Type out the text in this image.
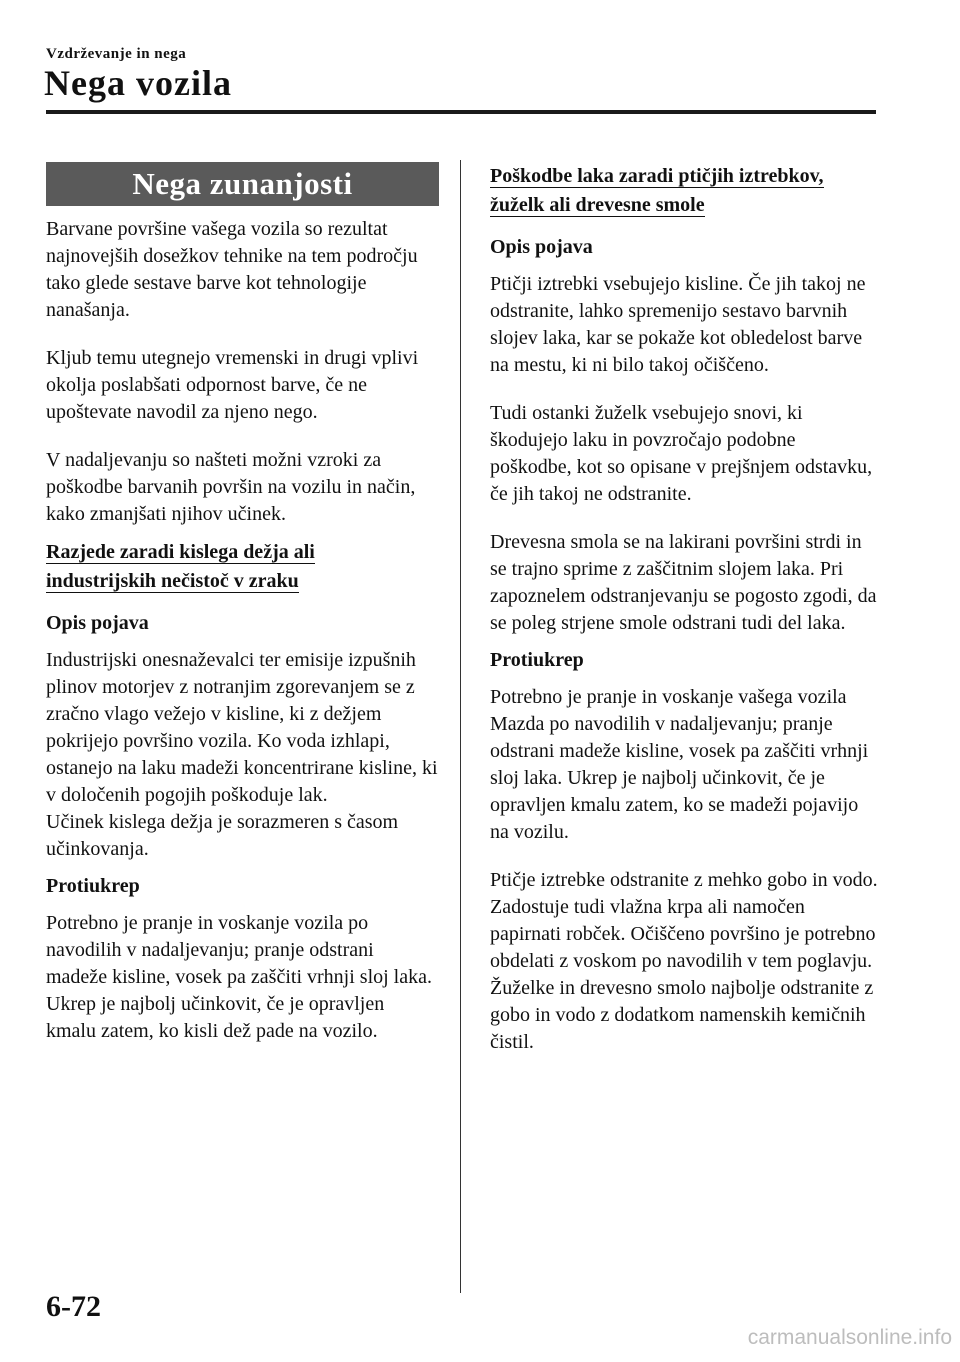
Vzdrževanje in nega
Nega vozila
Nega zunanjosti

Barvane površine vašega vozila so rezultat najnovejših dosežkov tehnike na tem področju tako glede sestave barve kot tehnologije nanašanja.

Kljub temu utegnejo vremenski in drugi vplivi okolja poslabšati odpornost barve, če ne upoštevate navodil za njeno nego.

V nadaljevanju so našteti možni vzroki za poškodbe barvanih površin na vozilu in način, kako zmanjšati njihov učinek.

Razjede zaradi kislega dežja ali
industrijskih nečistoč v zraku
Opis pojava

Industrijski onesnaževalci ter emisije izpušnih plinov motorjev z notranjim zgorevanjem se z zračno vlago vežejo v kisline, ki z dežjem pokrijejo površino vozila. Ko voda izhlapi, ostanejo na laku madeži koncentrirane kisline, ki v določenih pogojih poškoduje lak.

Učinek kislega dežja je sorazmeren s časom učinkovanja.

Protiukrep

Potrebno je pranje in voskanje vozila po navodilih v nadaljevanju; pranje odstrani madeže kisline, vosek pa zaščiti vrhnji sloj laka. Ukrep je najbolj učinkovit, če je opravljen kmalu zatem, ko kisli dež pade na vozilo.

Poškodbe laka zaradi ptičjih iztrebkov,
žuželk ali drevesne smole
Opis pojava

Ptičji iztrebki vsebujejo kisline. Če jih takoj ne odstranite, lahko spremenijo sestavo barvnih slojev laka, kar se pokaže kot obledelost barve na mestu, ki ni bilo takoj očiščeno.

Tudi ostanki žuželk vsebujejo snovi, ki škodujejo laku in povzročajo podobne poškodbe, kot so opisane v prejšnjem odstavku, če jih takoj ne odstranite.

Drevesna smola se na lakirani površini strdi in se trajno sprime z zaščitnim slojem laka. Pri zapoznelem odstranjevanju se pogosto zgodi, da se poleg strjene smole odstrani tudi del laka.

Protiukrep

Potrebno je pranje in voskanje vašega vozila Mazda po navodilih v nadaljevanju; pranje odstrani madeže kisline, vosek pa zaščiti vrhnji sloj laka. Ukrep je najbolj učinkovit, če je opravljen kmalu zatem, ko se madeži pojavijo na vozilu.

Ptičje iztrebke odstranite z mehko gobo in vodo. Zadostuje tudi vlažna krpa ali namočen papirnati robček. Očiščeno površino je potrebno obdelati z voskom po navodilih v tem poglavju.

Žuželke in drevesno smolo najbolje odstranite z gobo in vodo z dodatkom namenskih kemičnih čistil.

6-72
carmanualsonline.info
